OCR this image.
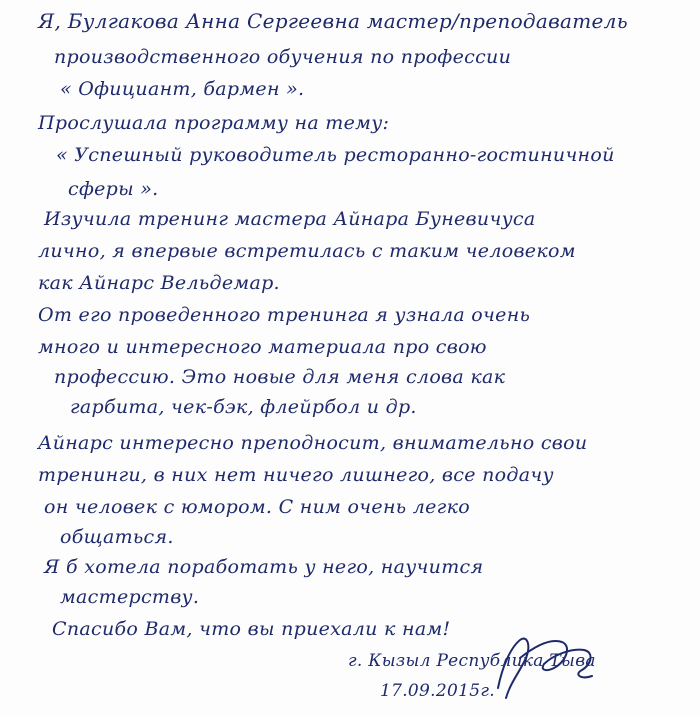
Я, Булгакова Анна Сергеевна мастер/преподаватель
производственного обучения по профессии
« Официант, бармен ».
Прослушала программу на тему:
« Успешный руководитель ресторанно-гостиничной
сферы ».
Изучила тренинг мастера Айнара Буневичуса
лично, я впервые встретилась с таким человеком
как Айнарс Вельдемар.
От его проведенного тренинга я узнала очень
много и интересного материала про свою
профессию. Это новые для меня слова как
гарбита, чек-бэк, флейрбол и др.
Айнарс интересно преподносит, внимательно свои
тренинги, в них нет ничего лишнего, все подачу
он человек с юмором. С ним очень легко
общаться.
Я б хотела поработать у него, научится
мастерству.
Спасибо Вам, что вы приехали к нам!
г. Кызыл Республика Тыва
17.09.2015г.
